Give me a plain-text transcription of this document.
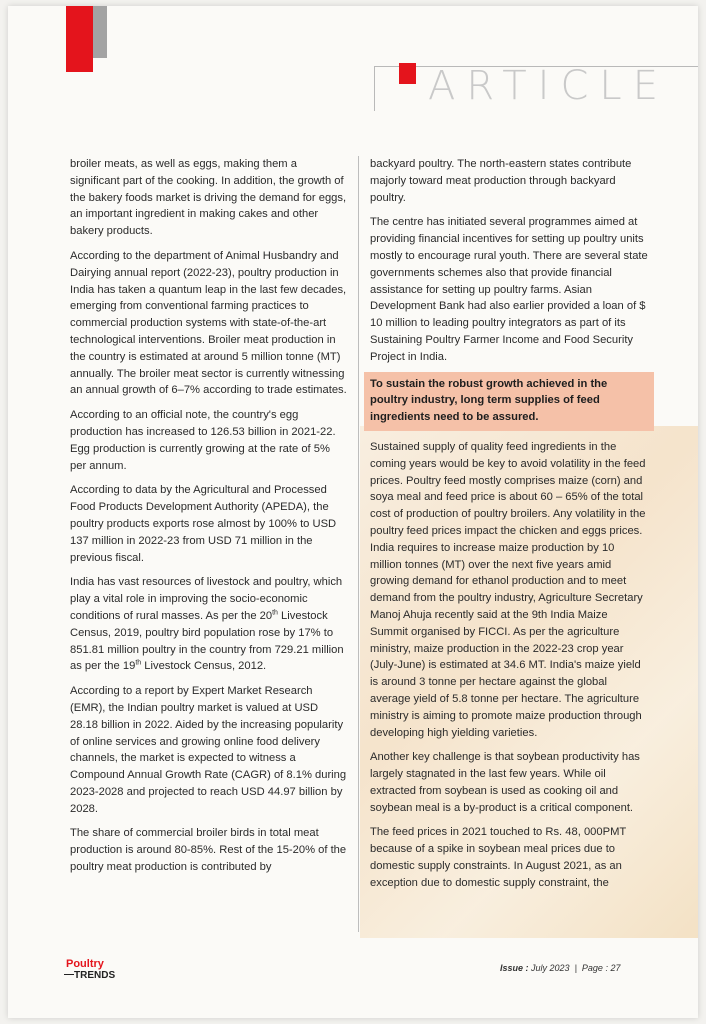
ARTICLE

broiler meats, as well as eggs, making them a significant part of the cooking. In addition, the growth of the bakery foods market is driving the demand for eggs, an important ingredient in making cakes and other bakery products.

According to the department of Animal Husbandry and Dairying annual report (2022-23), poultry production in India has taken a quantum leap in the last few decades, emerging from conventional farming practices to commercial production systems with state-of-the-art technological interventions. Broiler meat production in the country is estimated at around 5 million tonne (MT) annually. The broiler meat sector is currently witnessing an annual growth of 6–7% according to trade estimates.

According to an official note, the country's egg production has increased to 126.53 billion in 2021-22. Egg production is currently growing at the rate of 5% per annum.

According to data by the Agricultural and Processed Food Products Development Authority (APEDA), the poultry products exports rose almost by 100% to USD 137 million in 2022-23 from USD 71 million in the previous fiscal.

India has vast resources of livestock and poultry, which play a vital role in improving the socio-economic conditions of rural masses. As per the 20th Livestock Census, 2019, poultry bird population rose by 17% to 851.81 million poultry in the country from 729.21 million as per the 19th Livestock Census, 2012.

According to a report by Expert Market Research (EMR), the Indian poultry market is valued at USD 28.18 billion in 2022. Aided by the increasing popularity of online services and growing online food delivery channels, the market is expected to witness a Compound Annual Growth Rate (CAGR) of 8.1% during 2023-2028 and projected to reach USD 44.97 billion by 2028.

The share of commercial broiler birds in total meat production is around 80-85%. Rest of the 15-20% of the poultry meat production is contributed by

backyard poultry. The north-eastern states contribute majorly toward meat production through backyard poultry.

The centre has initiated several programmes aimed at providing financial incentives for setting up poultry units mostly to encourage rural youth. There are several state governments schemes also that provide financial assistance for setting up poultry farms. Asian Development Bank had also earlier provided a loan of $ 10 million to leading poultry integrators as part of its Sustaining Poultry Farmer Income and Food Security Project in India.

To sustain the robust growth achieved in the poultry industry, long term supplies of feed ingredients need to be assured.

Sustained supply of quality feed ingredients in the coming years would be key to avoid volatility in the feed prices. Poultry feed mostly comprises maize (corn) and soya meal and feed price is about 60 – 65% of the total cost of production of poultry broilers. Any volatility in the poultry feed prices impact the chicken and eggs prices. India requires to increase maize production by 10 million tonnes (MT) over the next five years amid growing demand for ethanol production and to meet demand from the poultry industry, Agriculture Secretary Manoj Ahuja recently said at the 9th India Maize Summit organised by FICCI. As per the agriculture ministry, maize production in the 2022-23 crop year (July-June) is estimated at 34.6 MT. India's maize yield is around 3 tonne per hectare against the global average yield of 5.8 tonne per hectare. The agriculture ministry is aiming to promote maize production through developing high yielding varieties.

Another key challenge is that soybean productivity has largely stagnated in the last few years. While oil extracted from soybean is used as cooking oil and soybean meal is a by-product is a critical component.

The feed prices in 2021 touched to Rs. 48, 000PMT because of a spike in soybean meal prices due to domestic supply constraints. In August 2021, as an exception due to domestic supply constraint, the

Poultry
TRENDS
Issue : July 2023 | Page : 27
